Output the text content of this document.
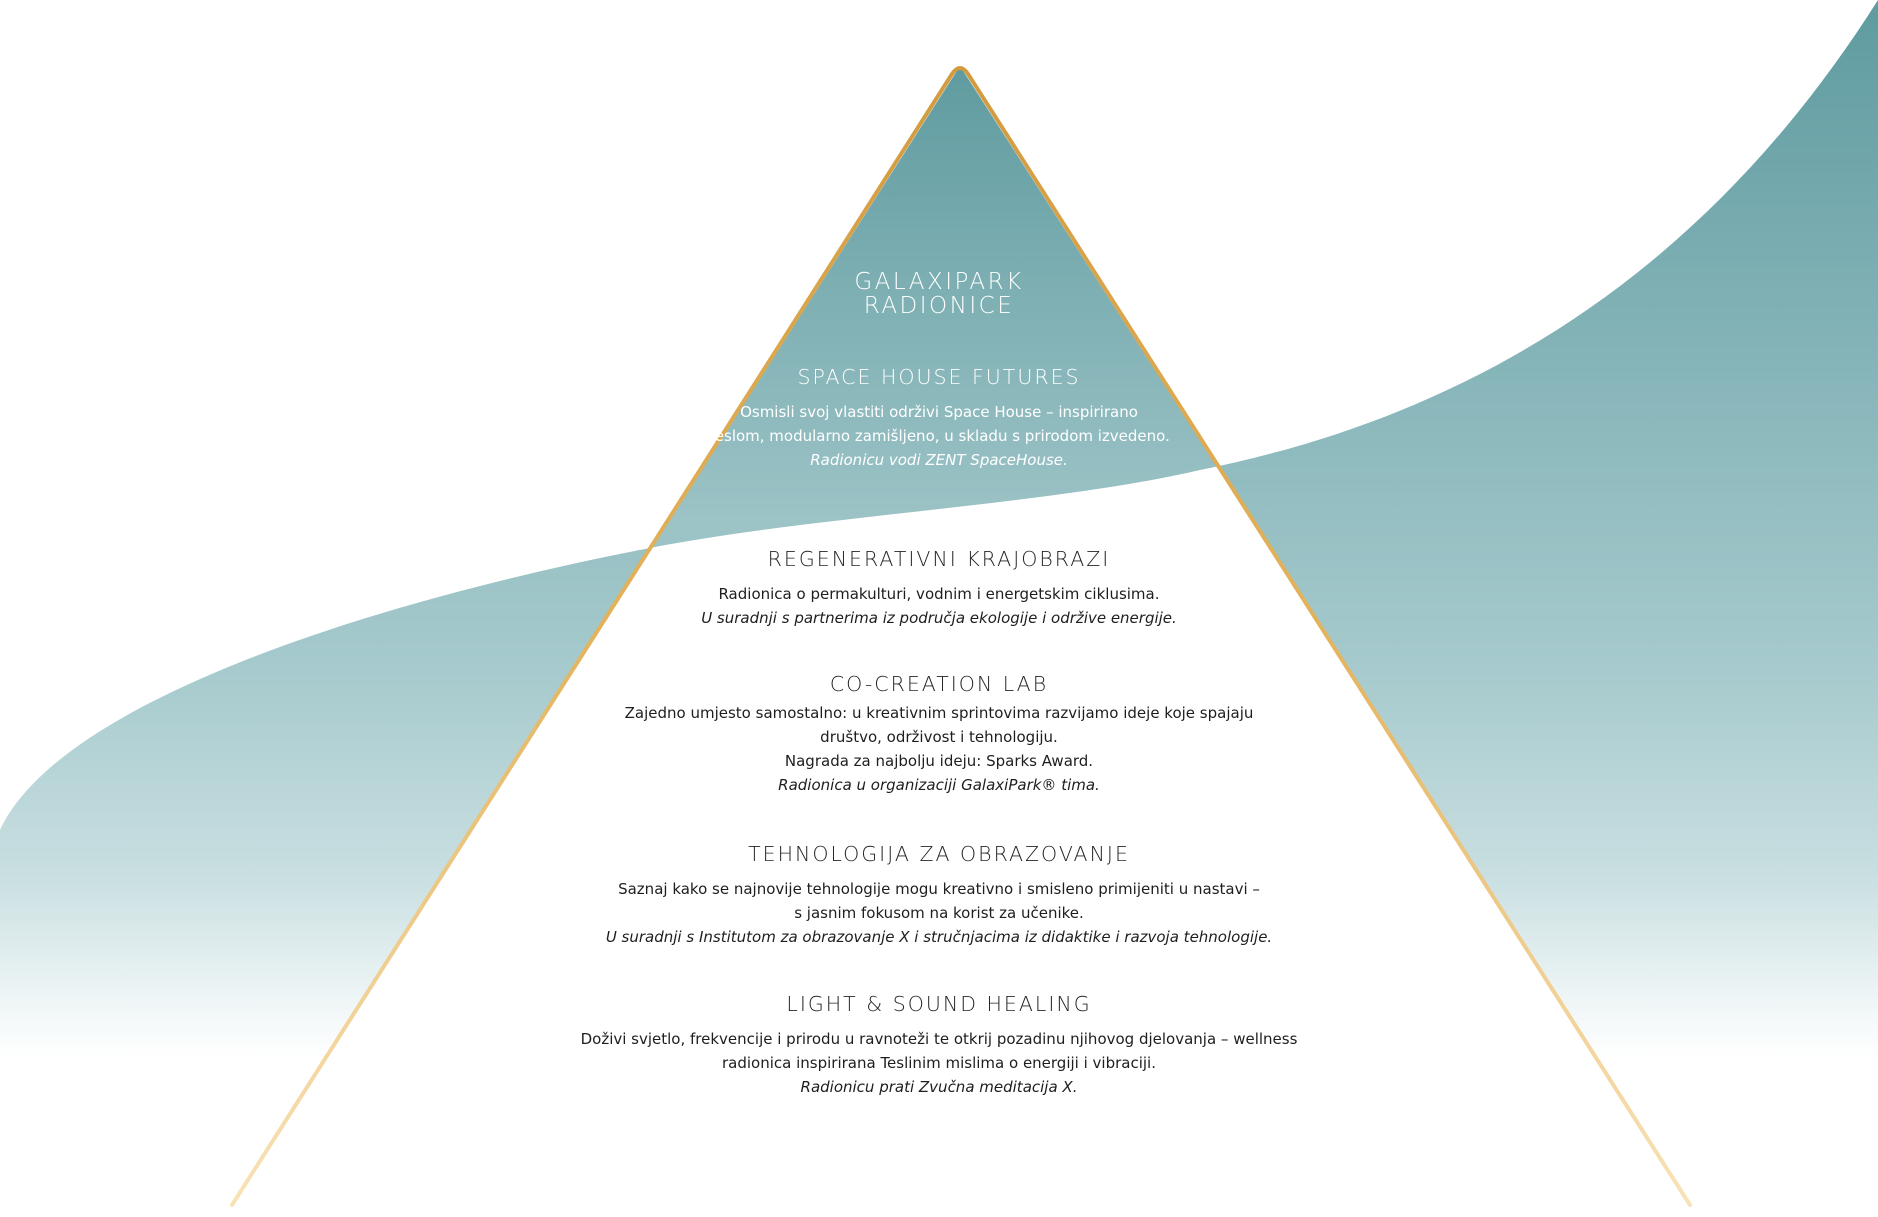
GALAXIPARK
RADIONICE
SPACE HOUSE FUTURES
Osmisli svoj vlastiti održivi Space House – inspirirano
Teslom, modularno zamišljeno, u skladu s prirodom izvedeno.
Radionicu vodi ZENT SpaceHouse.
REGENERATIVNI KRAJOBRAZI
Radionica o permakulturi, vodnim i energetskim ciklusima.
U suradnji s partnerima iz područja ekologije i održive energije.
CO-CREATION LAB
Zajedno umjesto samostalno: u kreativnim sprintovima razvijamo ideje koje spajaju
društvo, održivost i tehnologiju.
Nagrada za najbolju ideju: Sparks Award.
Radionica u organizaciji GalaxiPark® tima.
TEHNOLOGIJA ZA OBRAZOVANJE
Saznaj kako se najnovije tehnologije mogu kreativno i smisleno primijeniti u nastavi –
s jasnim fokusom na korist za učenike.
U suradnji s Institutom za obrazovanje X i stručnjacima iz didaktike i razvoja tehnologije.
LIGHT & SOUND HEALING
Doživi svjetlo, frekvencije i prirodu u ravnoteži te otkrij pozadinu njihovog djelovanja – wellness
radionica inspirirana Teslinim mislima o energiji i vibraciji.
Radionicu prati Zvučna meditacija X.
